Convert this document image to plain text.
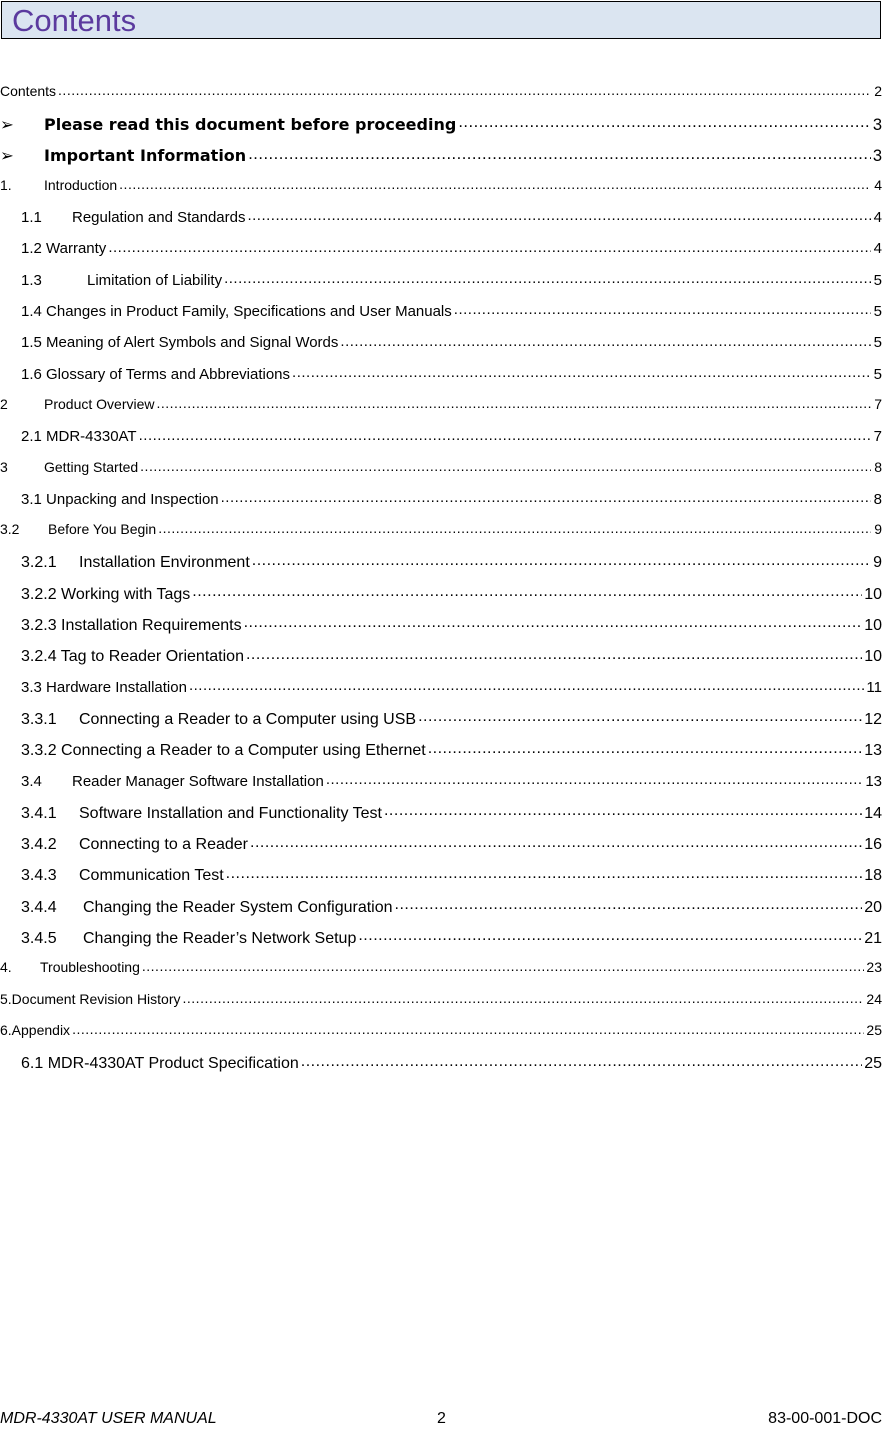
Contents
Contents .....	2
➢	Please read this document before proceeding .....	3
➢	Important Information .....	3
1.	Introduction .....	4
1.1	Regulation and Standards .....	4
1.2 Warranty .....	4
1.3	Limitation of Liability .....	5
1.4 Changes in Product Family, Specifications and User Manuals .....	5
1.5 Meaning of Alert Symbols and Signal Words .....	5
1.6 Glossary of Terms and Abbreviations .....	5
2	Product Overview .....	7
2.1 MDR-4330AT .....	7
3	Getting Started .....	8
3.1 Unpacking and Inspection .....	8
3.2	Before You Begin .....	9
3.2.1	Installation Environment .....	9
3.2.2 Working with Tags .....	10
3.2.3 Installation Requirements .....	10
3.2.4 Tag to Reader Orientation .....	10
3.3 Hardware Installation .....	11
3.3.1	Connecting a Reader to a Computer using USB .....	12
3.3.2 Connecting a Reader to a Computer using Ethernet .....	13
3.4	Reader Manager Software Installation .....	13
3.4.1	Software Installation and Functionality Test .....	14
3.4.2	Connecting to a Reader .....	16
3.4.3	Communication Test .....	18
3.4.4	Changing the Reader System Configuration .....	20
3.4.5	Changing the Reader’s Network Setup .....	21
4.	Troubleshooting .....	23
5.Document Revision History .....	24
6.Appendix .....	25
6.1 MDR-4330AT Product Specification .....	25
MDR-4330AT USER MANUAL	2	83-00-001-DOC
